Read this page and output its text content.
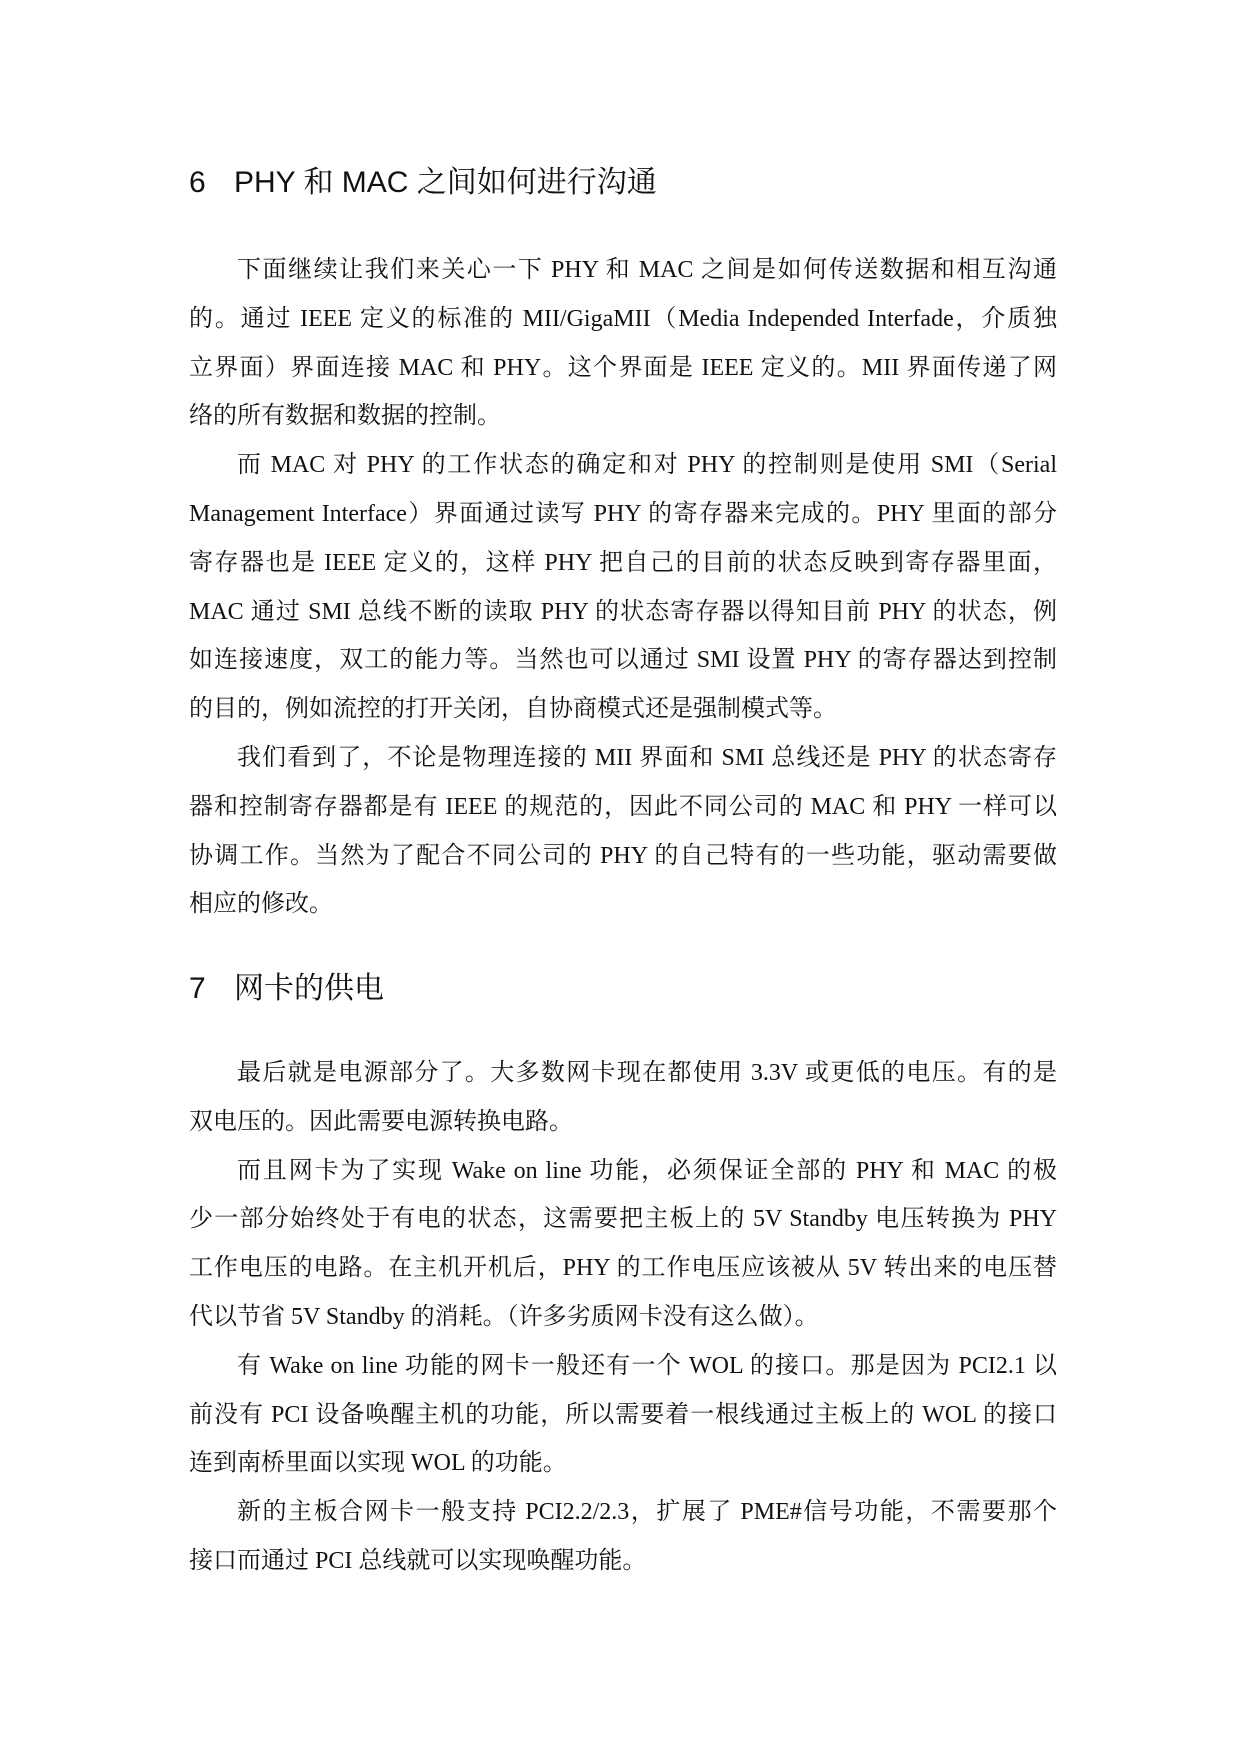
6 PHY 和 MAC 之间如何进行沟通
下面继续让我们来关心一下 PHY 和 MAC 之间是如何传送数据和相互沟通
的。通过 IEEE 定义的标准的 MII/GigaMII（Media Independed Interfade，介质独
立界面）界面连接 MAC 和 PHY。这个界面是 IEEE 定义的。MII 界面传递了网
络的所有数据和数据的控制。
而 MAC 对 PHY 的工作状态的确定和对 PHY 的控制则是使用 SMI（Serial
Management Interface）界面通过读写 PHY 的寄存器来完成的。PHY 里面的部分
寄存器也是 IEEE 定义的，这样 PHY 把自己的目前的状态反映到寄存器里面，
MAC 通过 SMI 总线不断的读取 PHY 的状态寄存器以得知目前 PHY 的状态，例
如连接速度，双工的能力等。当然也可以通过 SMI 设置 PHY 的寄存器达到控制
的目的，例如流控的打开关闭，自协商模式还是强制模式等。
我们看到了，不论是物理连接的 MII 界面和 SMI 总线还是 PHY 的状态寄存
器和控制寄存器都是有 IEEE 的规范的，因此不同公司的 MAC 和 PHY 一样可以
协调工作。当然为了配合不同公司的 PHY 的自己特有的一些功能，驱动需要做
相应的修改。
7 网卡的供电
最后就是电源部分了。大多数网卡现在都使用 3.3V 或更低的电压。有的是
双电压的。因此需要电源转换电路。
而且网卡为了实现 Wake on line 功能，必须保证全部的 PHY 和 MAC 的极
少一部分始终处于有电的状态，这需要把主板上的 5V Standby 电压转换为 PHY
工作电压的电路。在主机开机后，PHY 的工作电压应该被从 5V 转出来的电压替
代以节省 5V Standby 的消耗。（许多劣质网卡没有这么做）。
有 Wake on line 功能的网卡一般还有一个 WOL 的接口。那是因为 PCI2.1 以
前没有 PCI 设备唤醒主机的功能，所以需要着一根线通过主板上的 WOL 的接口
连到南桥里面以实现 WOL 的功能。
新的主板合网卡一般支持 PCI2.2/2.3，扩展了 PME#信号功能，不需要那个
接口而通过 PCI 总线就可以实现唤醒功能。
